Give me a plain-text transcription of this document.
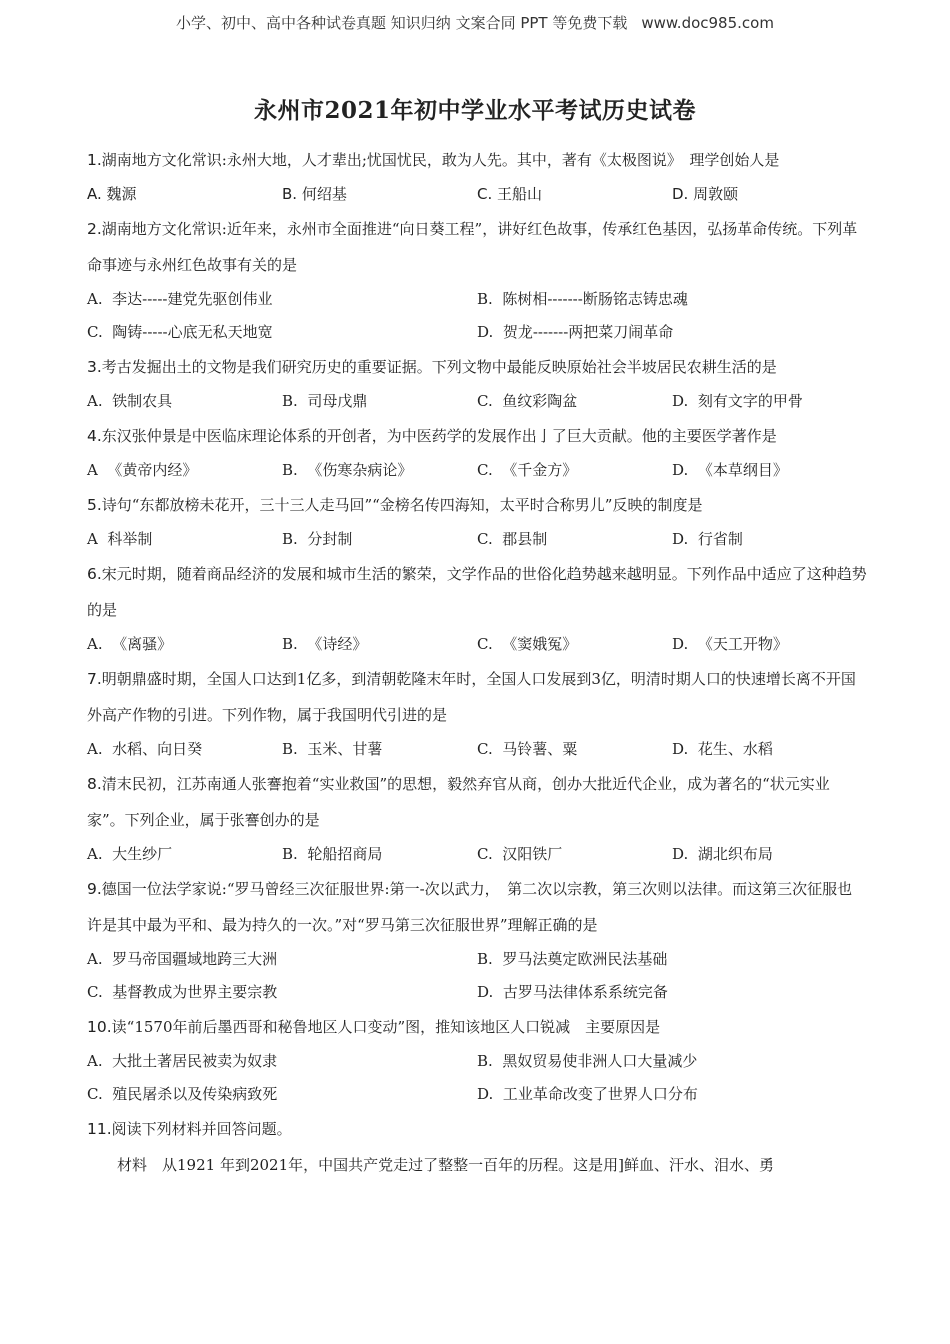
小学、初中、高中各种试卷真题 知识归纳 文案合同 PPT 等免费下载 www.doc985.com
永州市2021年初中学业水平考试历史试卷

1.湖南地方文化常识:永州大地，人才辈出;忧国忧民，敢为人先。其中，著有《太极图说》　理学创始人是

A. 魏源	B. 何绍基	C. 王船山	D. 周敦颐

2.湖南地方文化常识:近年来，永州市全面推进“向日葵工程”，讲好红色故事，传承红色基因，弘扬革命传统。下列革命事迹与永州红色故事有关的是

A. 李达-----建党先驱创伟业	B. 陈树相-------断肠铭志铸忠魂
C. 陶铸-----心底无私天地宽	D. 贺龙-------两把菜刀闹革命

3.考古发掘出土的文物是我们研究历史的重要证据。下列文物中最能反映原始社会半坡居民农耕生活的是

A. 铁制农具	B. 司母戊鼎	C. 鱼纹彩陶盆	D. 刻有文字的甲骨

4.东汉张仲景是中医临床理论体系的开创者，为中医药学的发展作出亅了巨大贡献。他的主要医学著作是

A 《黄帝内经》	B. 《伤寒杂病论》	C. 《千金方》	D. 《本草纲目》

5.诗句“东都放榜未花开，三十三人走马回”“金榜名传四海知，太平时合称男儿”反映的制度是

A 科举制	B. 分封制	C. 郡县制	D. 行省制

6.宋元时期，随着商品经济的发展和城市生活的繁荣，文学作品的世俗化趋势越来越明显。下列作品中适应了这种趋势的是

A. 《离骚》	B. 《诗经》	C. 《窦娥冤》	D. 《天工开物》

7.明朝鼎盛时期，全国人口达到1亿多，到清朝乾隆末年时，全国人口发展到3亿，明清时期人口的快速增长离不开国外高产作物的引进。下列作物，属于我国明代引进的是

A. 水稻、向日癸	B. 玉米、甘薯	C. 马铃薯、粟	D. 花生、水稻

8.清末民初，江苏南通人张謇抱着“实业救国”的思想，毅然弃官从商，创办大批近代企业，成为著名的“状元实业家”。下列企业，属于张謇创办的是

A. 大生纱厂	B. 轮船招商局	C. 汉阳铁厂	D. 湖北织布局

9.德国一位法学家说:“罗马曾经三次征服世界:第一-次以武力，　第二次以宗教，第三次则以法律。而这第三次征服也许是其中最为平和、最为持久的一次。”对“罗马第三次征服世界”理解正确的是

A. 罗马帝国疆域地跨三大洲	B. 罗马法奠定欧洲民法基础
C. 基督教成为世界主要宗教	D. 古罗马法律体系系统完备

10.读“1570年前后墨西哥和秘鲁地区人口变动”图，推知该地区人口锐减　主要原因是

A. 大批土著居民被卖为奴隶	B. 黑奴贸易使非洲人口大量减少
C. 殖民屠杀以及传染病致死	D. 工业革命改变了世界人口分布

11.阅读下列材料并回答问题。

材料　从1921 年到2021年，中国共产党走过了整整一百年的历程。这是用]鲜血、汗水、泪水、勇
